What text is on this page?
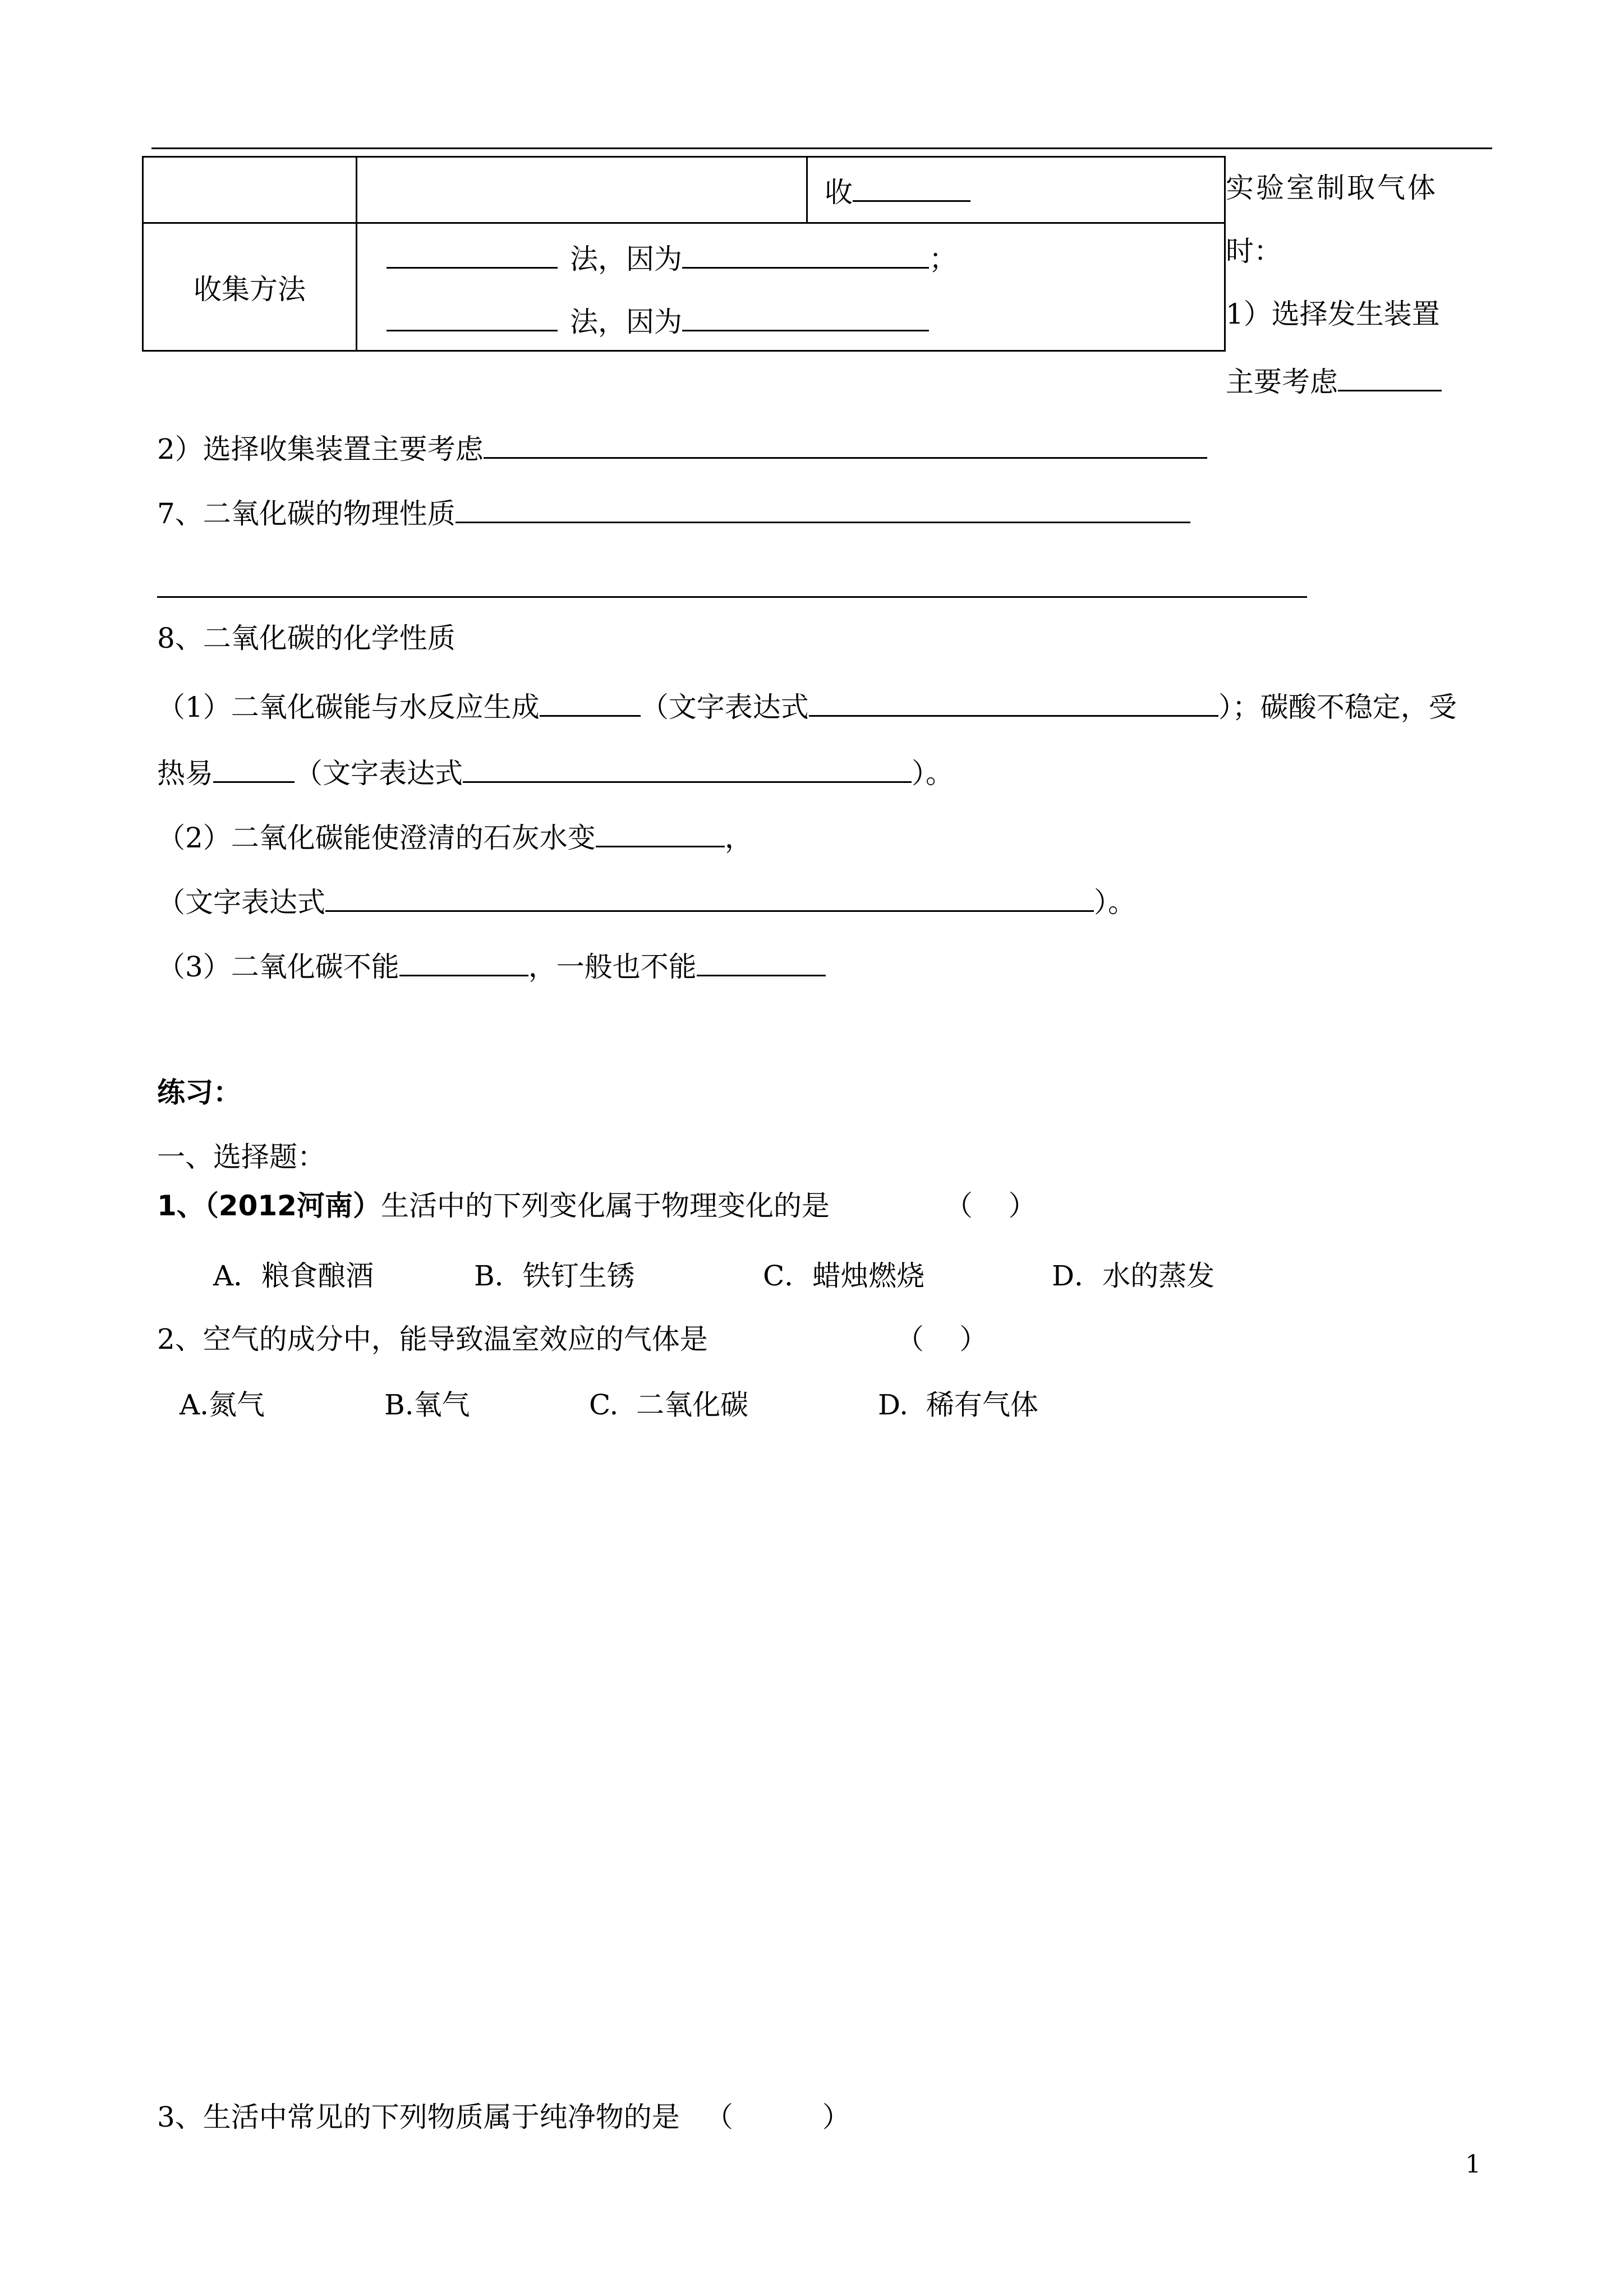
		收
收集方法	法，因为 ；
法，因为	
实验室制取气体
时：
1）选择发生装置
主要考虑
2）选择收集装置主要考虑
7、二氧化碳的物理性质
8、二氧化碳的化学性质
（1）二氧化碳能与水反应生成	（文字表达式	）；碳酸不稳定，受
热易	（文字表达式	）。
（2）二氧化碳能使澄清的石灰水变	，
（文字表达式	）。
（3）二氧化碳不能	，一般也不能
练习：
一、选择题：
1、（2012河南）生活中的下列变化属于物理变化的是	（    ）
A．粮食酿酒	B．铁钉生锈	C．蜡烛燃烧	D．水的蒸发
2、空气的成分中，能导致温室效应的气体是	（    ）
A.氮气	B.氧气	C.  二氧化碳	D.  稀有气体
3、生活中常见的下列物质属于纯净物的是 （          ）
1
